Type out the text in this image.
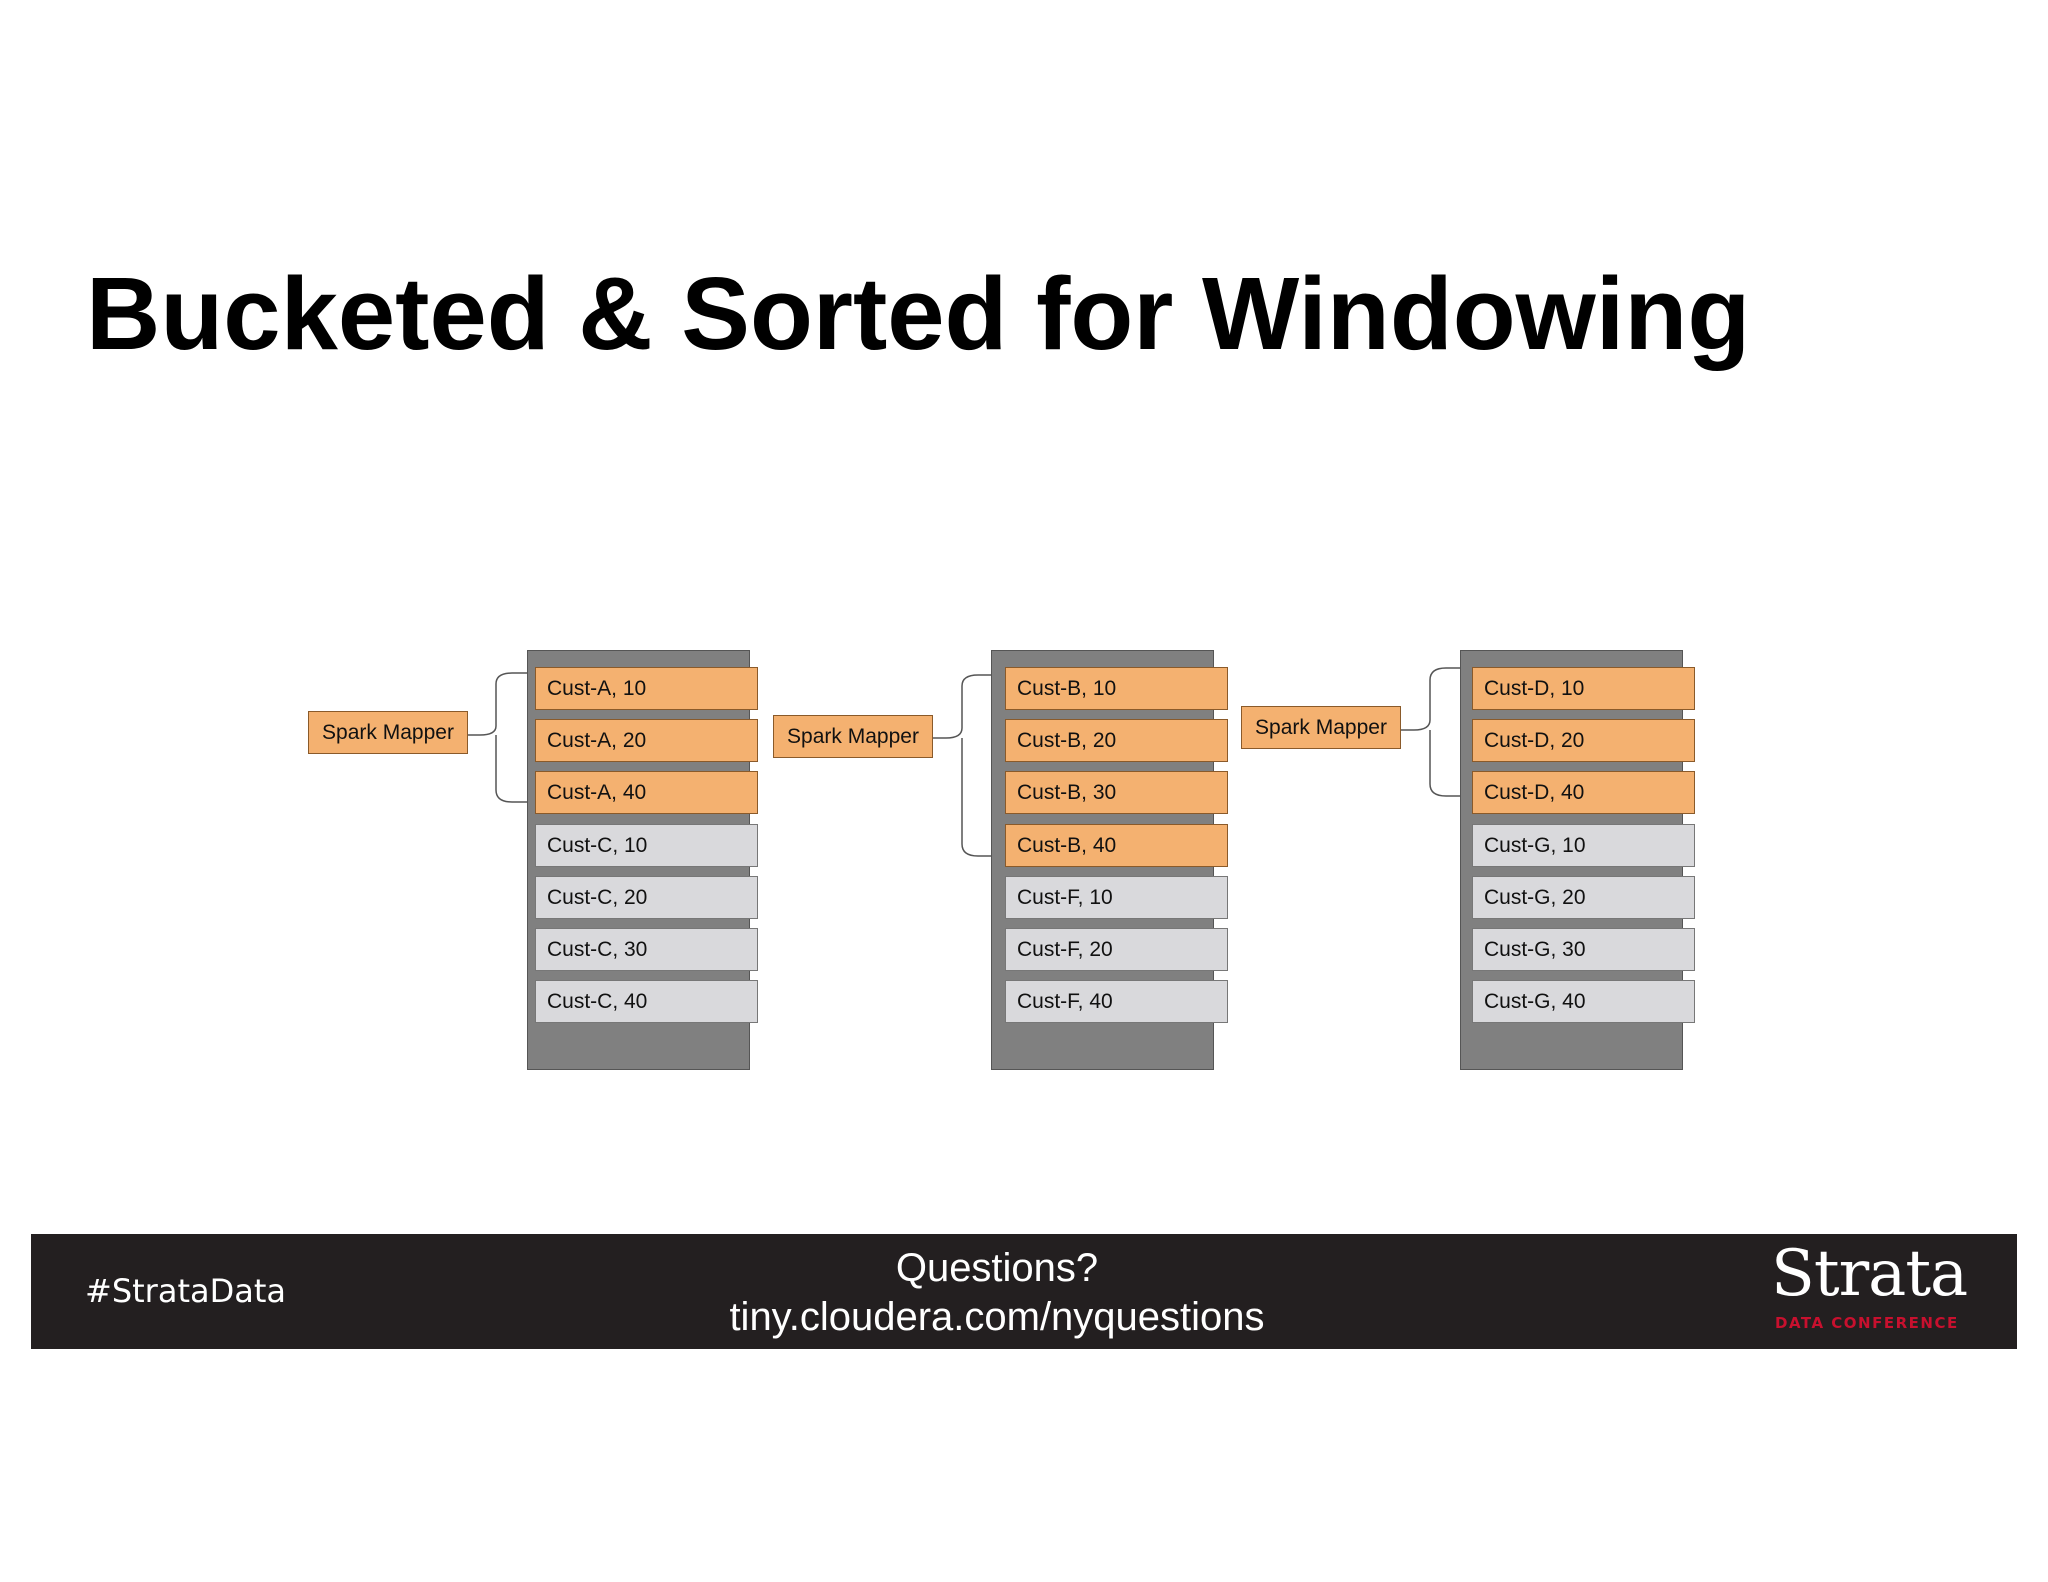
Bucketed & Sorted for Windowing
Spark Mapper
Cust-A, 10
Cust-A, 20
Cust-A, 40
Cust-C, 10
Cust-C, 20
Cust-C, 30
Cust-C, 40
Spark Mapper
Cust-B, 10
Cust-B, 20
Cust-B, 30
Cust-B, 40
Cust-F, 10
Cust-F, 20
Cust-F, 40
Spark Mapper
Cust-D, 10
Cust-D, 20
Cust-D, 40
Cust-G, 10
Cust-G, 20
Cust-G, 30
Cust-G, 40
#StrataData
Questions?
tiny.cloudera.com/nyquestions
Strata
DATA CONFERENCE
